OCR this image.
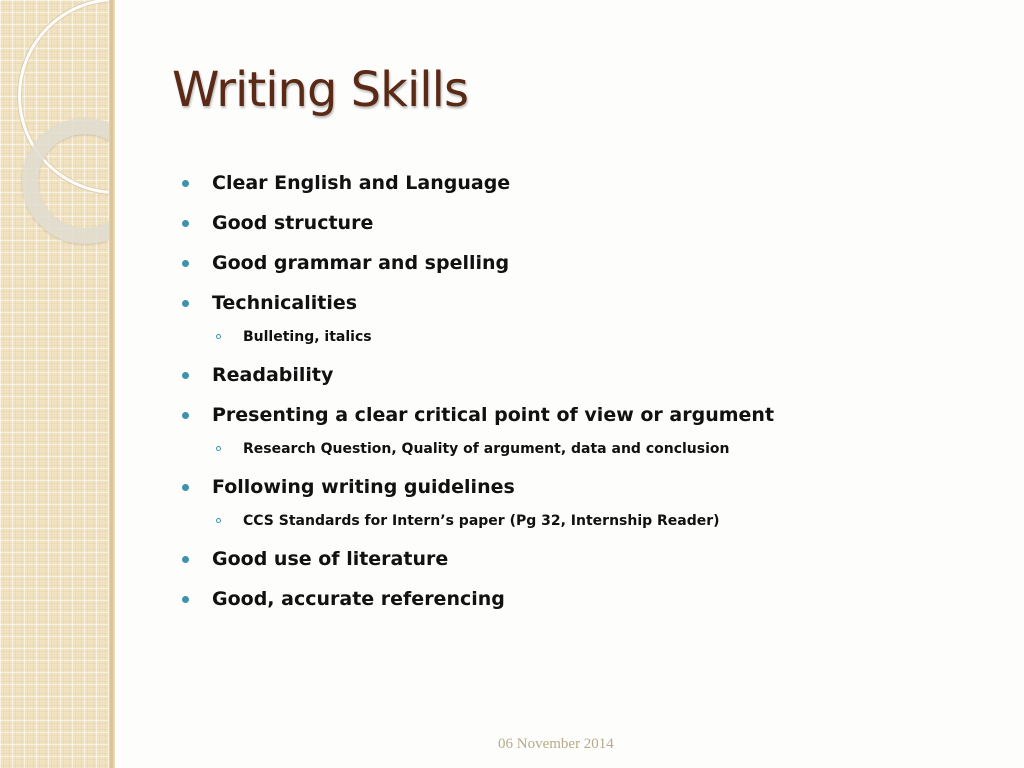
Writing Skills
Clear English and Language
Good structure
Good grammar and spelling
Technicalities
Bulleting, italics
Readability
Presenting a clear critical point of view or argument
Research Question, Quality of argument, data and conclusion
Following writing guidelines
CCS Standards for Intern’s paper (Pg 32, Internship Reader)
Good use of literature
Good, accurate referencing
06 November 2014
